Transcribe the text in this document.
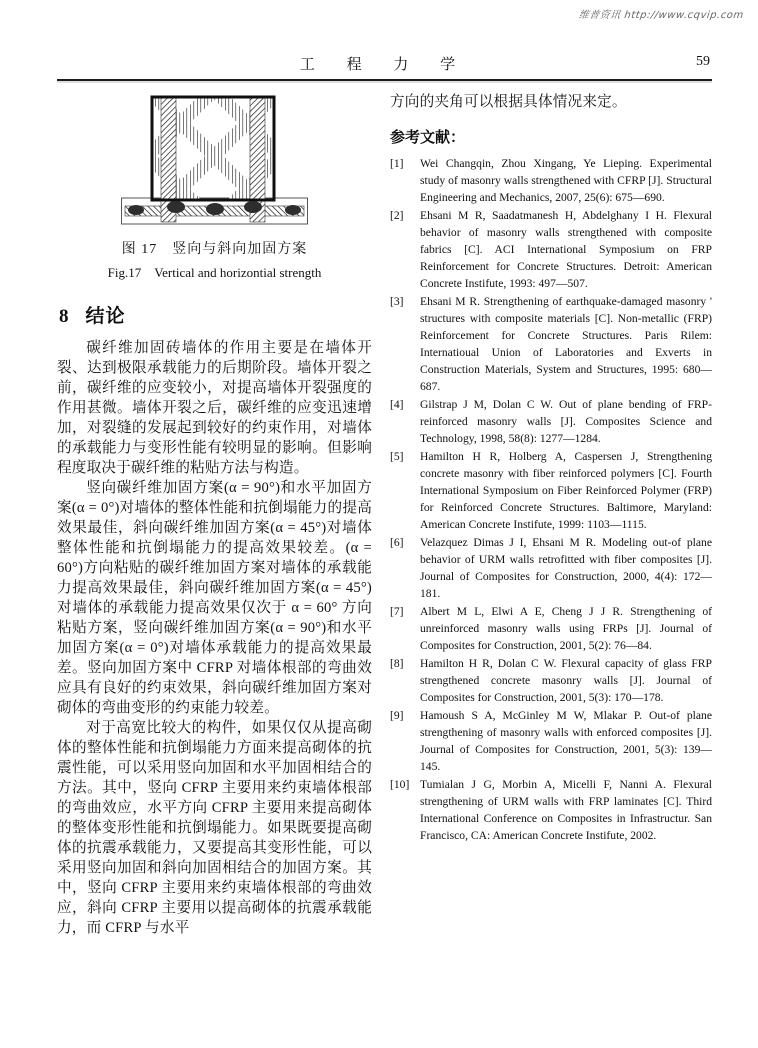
维普资讯 http://www.cqvip.com
工 程 力 学	59
图 17　竖向与斜向加固方案
Fig.17　Vertical and horizontial strength
8 结论

碳纤维加固砖墙体的作用主要是在墙体开裂、达到极限承载能力的后期阶段。墙体开裂之前，碳纤维的应变较小，对提高墙体开裂强度的作用甚微。墙体开裂之后，碳纤维的应变迅速增加，对裂缝的发展起到较好的约束作用，对墙体的承载能力与变形性能有较明显的影响。但影响程度取决于碳纤维的粘贴方法与构造。

竖向碳纤维加固方案(α = 90°)和水平加固方案(α = 0°)对墙体的整体性能和抗倒塌能力的提高效果最佳，斜向碳纤维加固方案(α = 45°)对墙体整体性能和抗倒塌能力的提高效果较差。(α = 60°)方向粘贴的碳纤维加固方案对墙体的承载能力提高效果最佳，斜向碳纤维加固方案(α = 45°)对墙体的承载能力提高效果仅次于 α = 60° 方向粘贴方案，竖向碳纤维加固方案(α = 90°)和水平加固方案(α = 0°)对墙体承载能力的提高效果最差。竖向加固方案中 CFRP 对墙体根部的弯曲效应具有良好的约束效果，斜向碳纤维加固方案对砌体的弯曲变形的约束能力较差。

对于高宽比较大的构件，如果仅仅从提高砌体的整体性能和抗倒塌能力方面来提高砌体的抗震性能，可以采用竖向加固和水平加固相结合的方法。其中，竖向 CFRP 主要用来约束墙体根部的弯曲效应，水平方向 CFRP 主要用来提高砌体的整体变形性能和抗倒塌能力。如果既要提高砌体的抗震承载能力，又要提高其变形性能，可以采用竖向加固和斜向加固相结合的加固方案。其中，竖向 CFRP 主要用来约束墙体根部的弯曲效应，斜向 CFRP 主要用以提高砌体的抗震承载能力，而 CFRP 与水平

方向的夹角可以根据具体情况来定。

参考文献：
[1]	Wei Changqin, Zhou Xingang, Ye Lieping. Experimental study of masonry walls strengthened with CFRP [J]. Structural Engineering and Mechanics, 2007, 25(6): 675—690.
[2]	Ehsani M R, Saadatmanesh H, Abdelghany I H. Flexural behavior of masonry walls strengthened with composite fabrics [C]. ACI International Symposium on FRP Reinforcement for Concrete Structures. Detroit: American Concrete Instifute, 1993: 497—507.
[3]	Ehsani M R. Strengthening of earthquake-damaged masonry ' structures with composite materials [C]. Non-metallic (FRP) Reinforcement for Concrete Structures. Paris Rilem: Internatioual Union of Laboratories and Exverts in Construction Materials, System and Structures, 1995: 680—687.
[4]	Gilstrap J M, Dolan C W. Out of plane bending of FRP-reinforced masonry walls [J]. Composites Science and Technology, 1998, 58(8): 1277—1284.
[5]	Hamilton H R, Holberg A, Caspersen J, Strengthening concrete masonry with fiber reinforced polymers [C]. Fourth International Symposium on Fiber Reinforced Polymer (FRP) for Reinforced Concrete Structures. Baltimore, Maryland: American Concrete Instifute, 1999: 1103—1115.
[6]	Velazquez Dimas J I, Ehsani M R. Modeling out-of plane behavior of URM walls retrofitted with fiber composites [J]. Journal of Composites for Construction, 2000, 4(4): 172—181.
[7]	Albert M L, Elwi A E, Cheng J J R. Strengthening of unreinforced masonry walls using FRPs [J]. Journal of Composites for Construction, 2001, 5(2): 76—84.
[8]	Hamilton H R, Dolan C W. Flexural capacity of glass FRP strengthened concrete masonry walls [J]. Journal of Composites for Construction, 2001, 5(3): 170—178.
[9]	Hamoush S A, McGinley M W, Mlakar P. Out-of plane strengthening of masonry walls with enforced composites [J]. Journal of Composites for Construction, 2001, 5(3): 139—145.
[10] Tumialan J G, Morbin A, Micelli F, Nanni A. Flexural strengthening of URM walls with FRP laminates [C]. Third International Conference on Composites in Infrastructur. San Francisco, CA: American Concrete Instifute, 2002.
